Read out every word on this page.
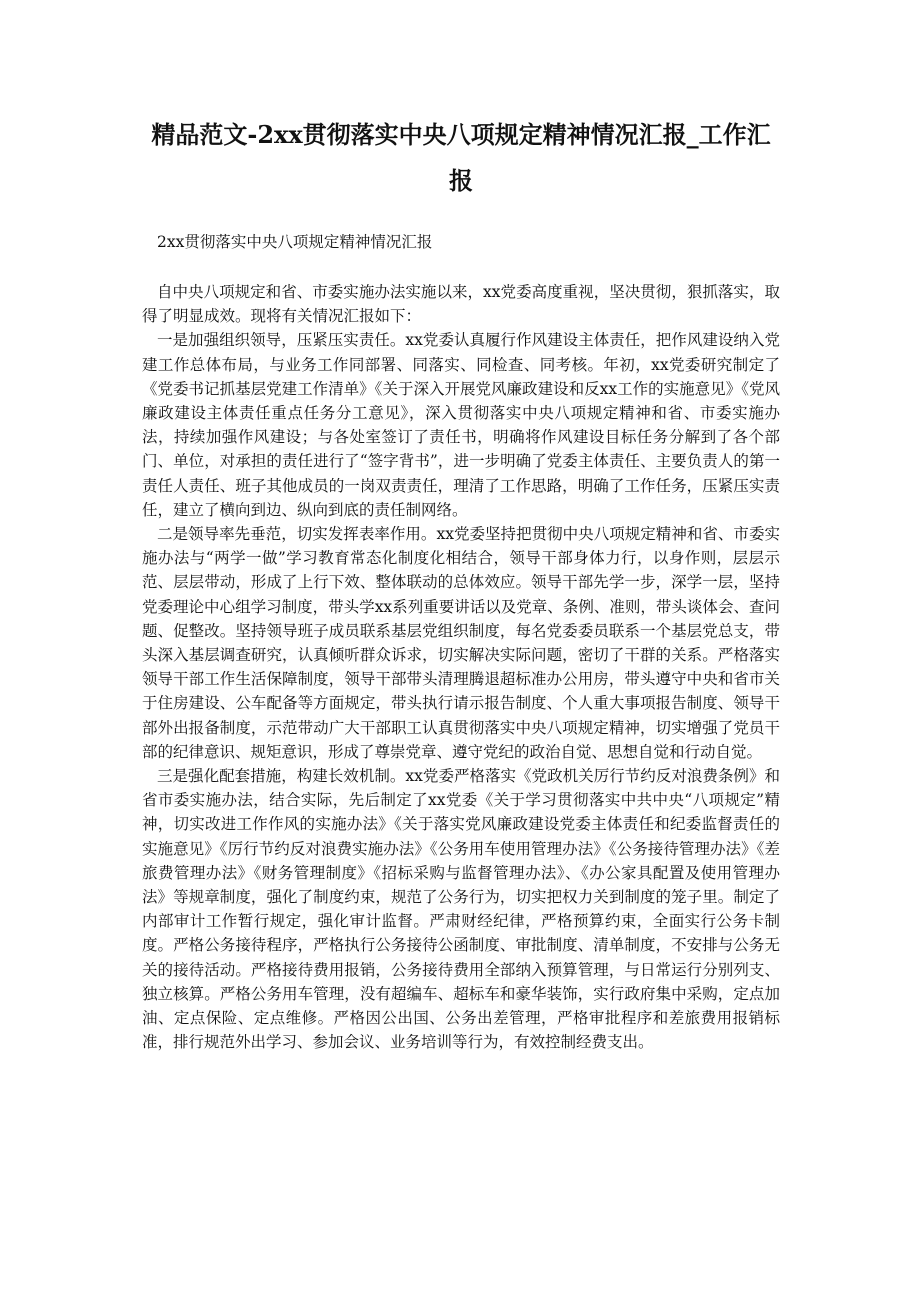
精品范文-2xx贯彻落实中央八项规定精神情况汇报_工作汇报

2xx贯彻落实中央八项规定精神情况汇报

自中央八项规定和省、市委实施办法实施以来，xx党委高度重视，坚决贯彻，狠抓落实，取得了明显成效。现将有关情况汇报如下：

一是加强组织领导，压紧压实责任。xx党委认真履行作风建设主体责任，把作风建设纳入党建工作总体布局，与业务工作同部署、同落实、同检查、同考核。年初，xx党委研究制定了《党委书记抓基层党建工作清单》《关于深入开展党风廉政建设和反xx工作的实施意见》《党风廉政建设主体责任重点任务分工意见》，深入贯彻落实中央八项规定精神和省、市委实施办法，持续加强作风建设；与各处室签订了责任书，明确将作风建设目标任务分解到了各个部门、单位，对承担的责任进行了“签字背书”，进一步明确了党委主体责任、主要负责人的第一责任人责任、班子其他成员的一岗双责责任，理清了工作思路，明确了工作任务，压紧压实责任，建立了横向到边、纵向到底的责任制网络。

二是领导率先垂范，切实发挥表率作用。xx党委坚持把贯彻中央八项规定精神和省、市委实施办法与“两学一做”学习教育常态化制度化相结合，领导干部身体力行，以身作则，层层示范、层层带动，形成了上行下效、整体联动的总体效应。领导干部先学一步，深学一层，坚持党委理论中心组学习制度，带头学xx系列重要讲话以及党章、条例、准则，带头谈体会、查问题、促整改。坚持领导班子成员联系基层党组织制度，每名党委委员联系一个基层党总支，带头深入基层调查研究，认真倾听群众诉求，切实解决实际问题，密切了干群的关系。严格落实领导干部工作生活保障制度，领导干部带头清理腾退超标准办公用房，带头遵守中央和省市关于住房建设、公车配备等方面规定，带头执行请示报告制度、个人重大事项报告制度、领导干部外出报备制度，示范带动广大干部职工认真贯彻落实中央八项规定精神，切实增强了党员干部的纪律意识、规矩意识，形成了尊崇党章、遵守党纪的政治自觉、思想自觉和行动自觉。

三是强化配套措施，构建长效机制。xx党委严格落实《党政机关厉行节约反对浪费条例》和省市委实施办法，结合实际，先后制定了xx党委《关于学习贯彻落实中共中央“八项规定”精神，切实改进工作作风的实施办法》《关于落实党风廉政建设党委主体责任和纪委监督责任的实施意见》《厉行节约反对浪费实施办法》《公务用车使用管理办法》《公务接待管理办法》《差旅费管理办法》《财务管理制度》《招标采购与监督管理办法》、《办公家具配置及使用管理办法》等规章制度，强化了制度约束，规范了公务行为，切实把权力关到制度的笼子里。制定了内部审计工作暂行规定，强化审计监督。严肃财经纪律，严格预算约束，全面实行公务卡制度。严格公务接待程序，严格执行公务接待公函制度、审批制度、清单制度，不安排与公务无关的接待活动。严格接待费用报销，公务接待费用全部纳入预算管理，与日常运行分别列支、独立核算。严格公务用车管理，没有超编车、超标车和豪华装饰，实行政府集中采购，定点加油、定点保险、定点维修。严格因公出国、公务出差管理，严格审批程序和差旅费用报销标准，排行规范外出学习、参加会议、业务培训等行为，有效控制经费支出。
